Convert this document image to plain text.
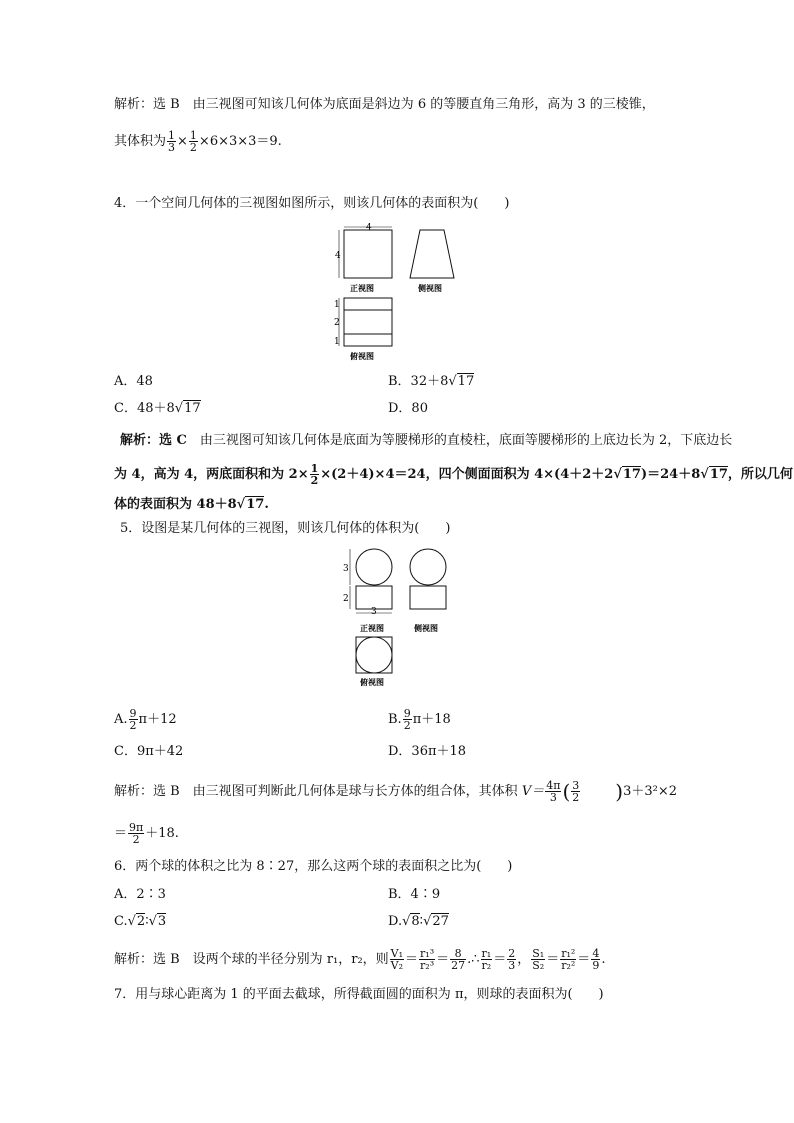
解析：选 B　由三视图可知该几何体为底面是斜边为 6 的等腰直角三角形，高为 3 的三棱锥，
其体积为 $\frac{1}{3} \times \frac{1}{2} \times 6\times 3\times 3=9$.
4．一个空间几何体的三视图如图所示，则该几何体的表面积为(　　)
4
4
正视图	侧视图
1
2
1
俯视图
A．48	B．32＋8 √ 17
C．48＋8 √ 17	D．80
解析：选 C　 由三视图可知该几何体是底面为等腰梯形的直棱柱，底面等腰梯形的上底边长为 2，下底边长
为 4，高为 4，两底面积和为 $2\times \frac{1}{2} \times(2+4)\times 4=24$，四个侧面面积为 4×(4＋2＋2 √ 17)＝24＋8 √ 17，所以几何
体的表面积为 48＋8 √ 17.
5．设图是某几何体的三视图，则该几何体的体积为(　　)
3
2
3
正视图	侧视图
俯视图
A. $\frac{9}{2} \pi+12$	B. $\frac{9}{2} \pi+18$
C．9π＋42	D．36π＋18
解析：选 B　由三视图可判断此几何体是球与长方体的组合体，其体积 $V= \frac{4\pi}{3}$ ( $\frac{3}{2} )3+3^2\times 2$
＝ $\frac{9\pi}{2} +18$.
6．两个球的体积之比为 8∶27，那么这两个球的表面积之比为(　　)
A．2∶3	B．4∶9
C. √ 2∶ √ 3	D. √ 8∶ √ 27
解析：选 B　设两个球的半径分别为 r₁，r₂，则 $\frac{\text{V₁}}{\text{V₂}} = \frac{\text{r₁³}}{\text{r₂³}} = \frac{8}{27}$ .∴ $\frac{\text{r₁}}{\text{r₂}} = \frac{2}{3}$ ， $\frac{\text{S₁}}{\text{S₂}} = \frac{\text{r₁²}}{\text{r₂²}} = \frac{4}{9}$ .
7．用与球心距离为 1 的平面去截球，所得截面圆的面积为 π，则球的表面积为(　　)
